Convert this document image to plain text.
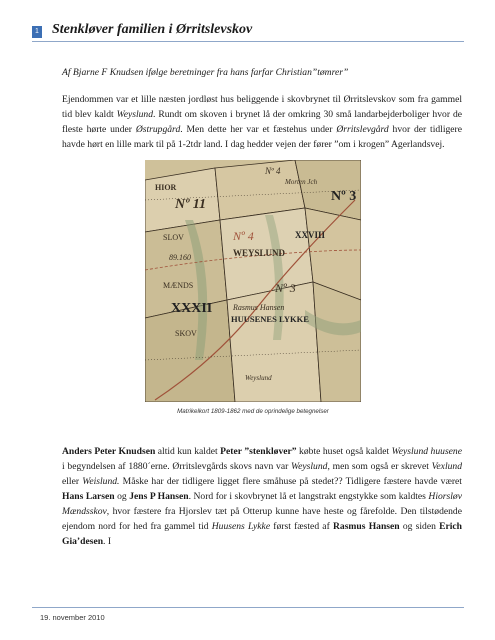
1 Stenkløver familien i Ørritslevskov
Af Bjarne F Knudsen ifølge beretninger fra hans farfar Christian”tømrer”

Ejendommen var et lille næsten jordløst hus beliggende i skovbrynet til Ørritslevskov som fra gammel tid blev kaldt Weyslund. Rundt om skoven i brynet lå der omkring 30 små landarbejderboliger hvor de fleste hørte under Østrupgård. Men dette her var et fæstehus under Ørritslevgård hvor der tidligere havde hørt en lille mark til på 1-2tdr land. I dag hedder vejen der fører ”om i krogen” Agerlandsvej.

HIOR
Nº 11
SLOV
89.160
MÆNDS
XXXII
SKOV
WEYSLUND
Nº 4	XXVIII
Rasmus Hansen
HUUSENES LYKKE
Nº 3
Nº 3
Nº 4
Morten Jch
Weyslund
Matrikelkort 1809-1862 med de oprindelige betegnelser

Anders Peter Knudsen altid kun kaldet Peter ”stenkløver” købte huset også kaldet Weyslund huusene i begyndelsen af 1880´erne. Ørritslevgårds skovs navn var Weyslund, men som også er skrevet Vexlund eller Weislund. Måske har der tidligere ligget flere småhuse på stedet?? Tidligere fæstere havde været Hans Larsen og Jens P Hansen. Nord for i skovbrynet lå et langstrakt engstykke som kaldtes Hiorsløv Mændsskov, hvor fæstere fra Hjorslev tæt på Otterup kunne have heste og fårefolde. Den tilstødende ejendom nord for hed fra gammel tid Huusens Lykke først fæsted af Rasmus Hansen og siden Erich Gia’desen. I

19. november 2010
